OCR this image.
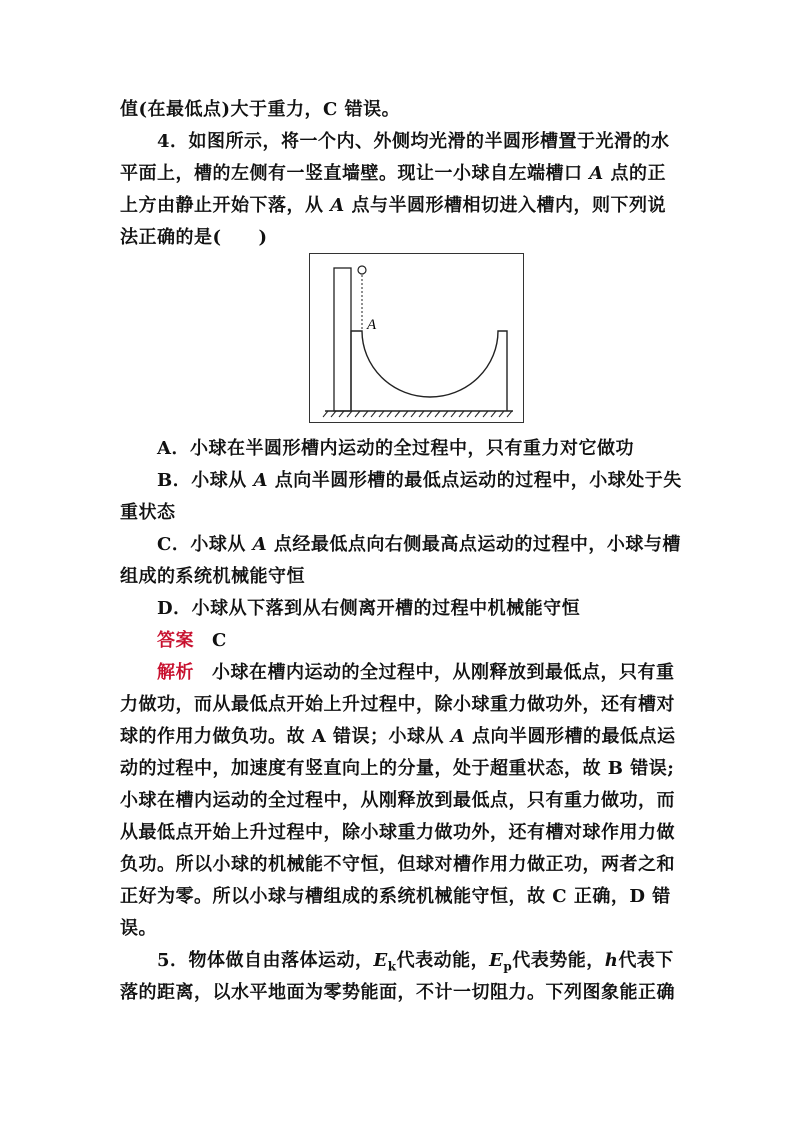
值(在最低点)大于重力，C 错误。
4．如图所示，将一个内、外侧均光滑的半圆形槽置于光滑的水
平面上，槽的左侧有一竖直墙壁。现让一小球自左端槽口 A 点的正
上方由静止开始下落，从 A 点与半圆形槽相切进入槽内，则下列说
法正确的是(　　)
A
A．小球在半圆形槽内运动的全过程中，只有重力对它做功
B．小球从 A 点向半圆形槽的最低点运动的过程中，小球处于失
重状态
C．小球从 A 点经最低点向右侧最高点运动的过程中，小球与槽
组成的系统机械能守恒
D．小球从下落到从右侧离开槽的过程中机械能守恒
答案 C
解析 小球在槽内运动的全过程中，从刚释放到最低点，只有重
力做功，而从最低点开始上升过程中，除小球重力做功外，还有槽对
球的作用力做负功。故 A 错误；小球从 A 点向半圆形槽的最低点运
动的过程中，加速度有竖直向上的分量，处于超重状态，故 B 错误;
小球在槽内运动的全过程中，从刚释放到最低点，只有重力做功，而
从最低点开始上升过程中，除小球重力做功外，还有槽对球作用力做
负功。所以小球的机械能不守恒，但球对槽作用力做正功，两者之和
正好为零。所以小球与槽组成的系统机械能守恒，故 C 正确，D 错
误。
5．物体做自由落体运动，$E_k$代表动能，$E_p$代表势能，h代表下
落的距离，以水平地面为零势能面，不计一切阻力。下列图象能正确
